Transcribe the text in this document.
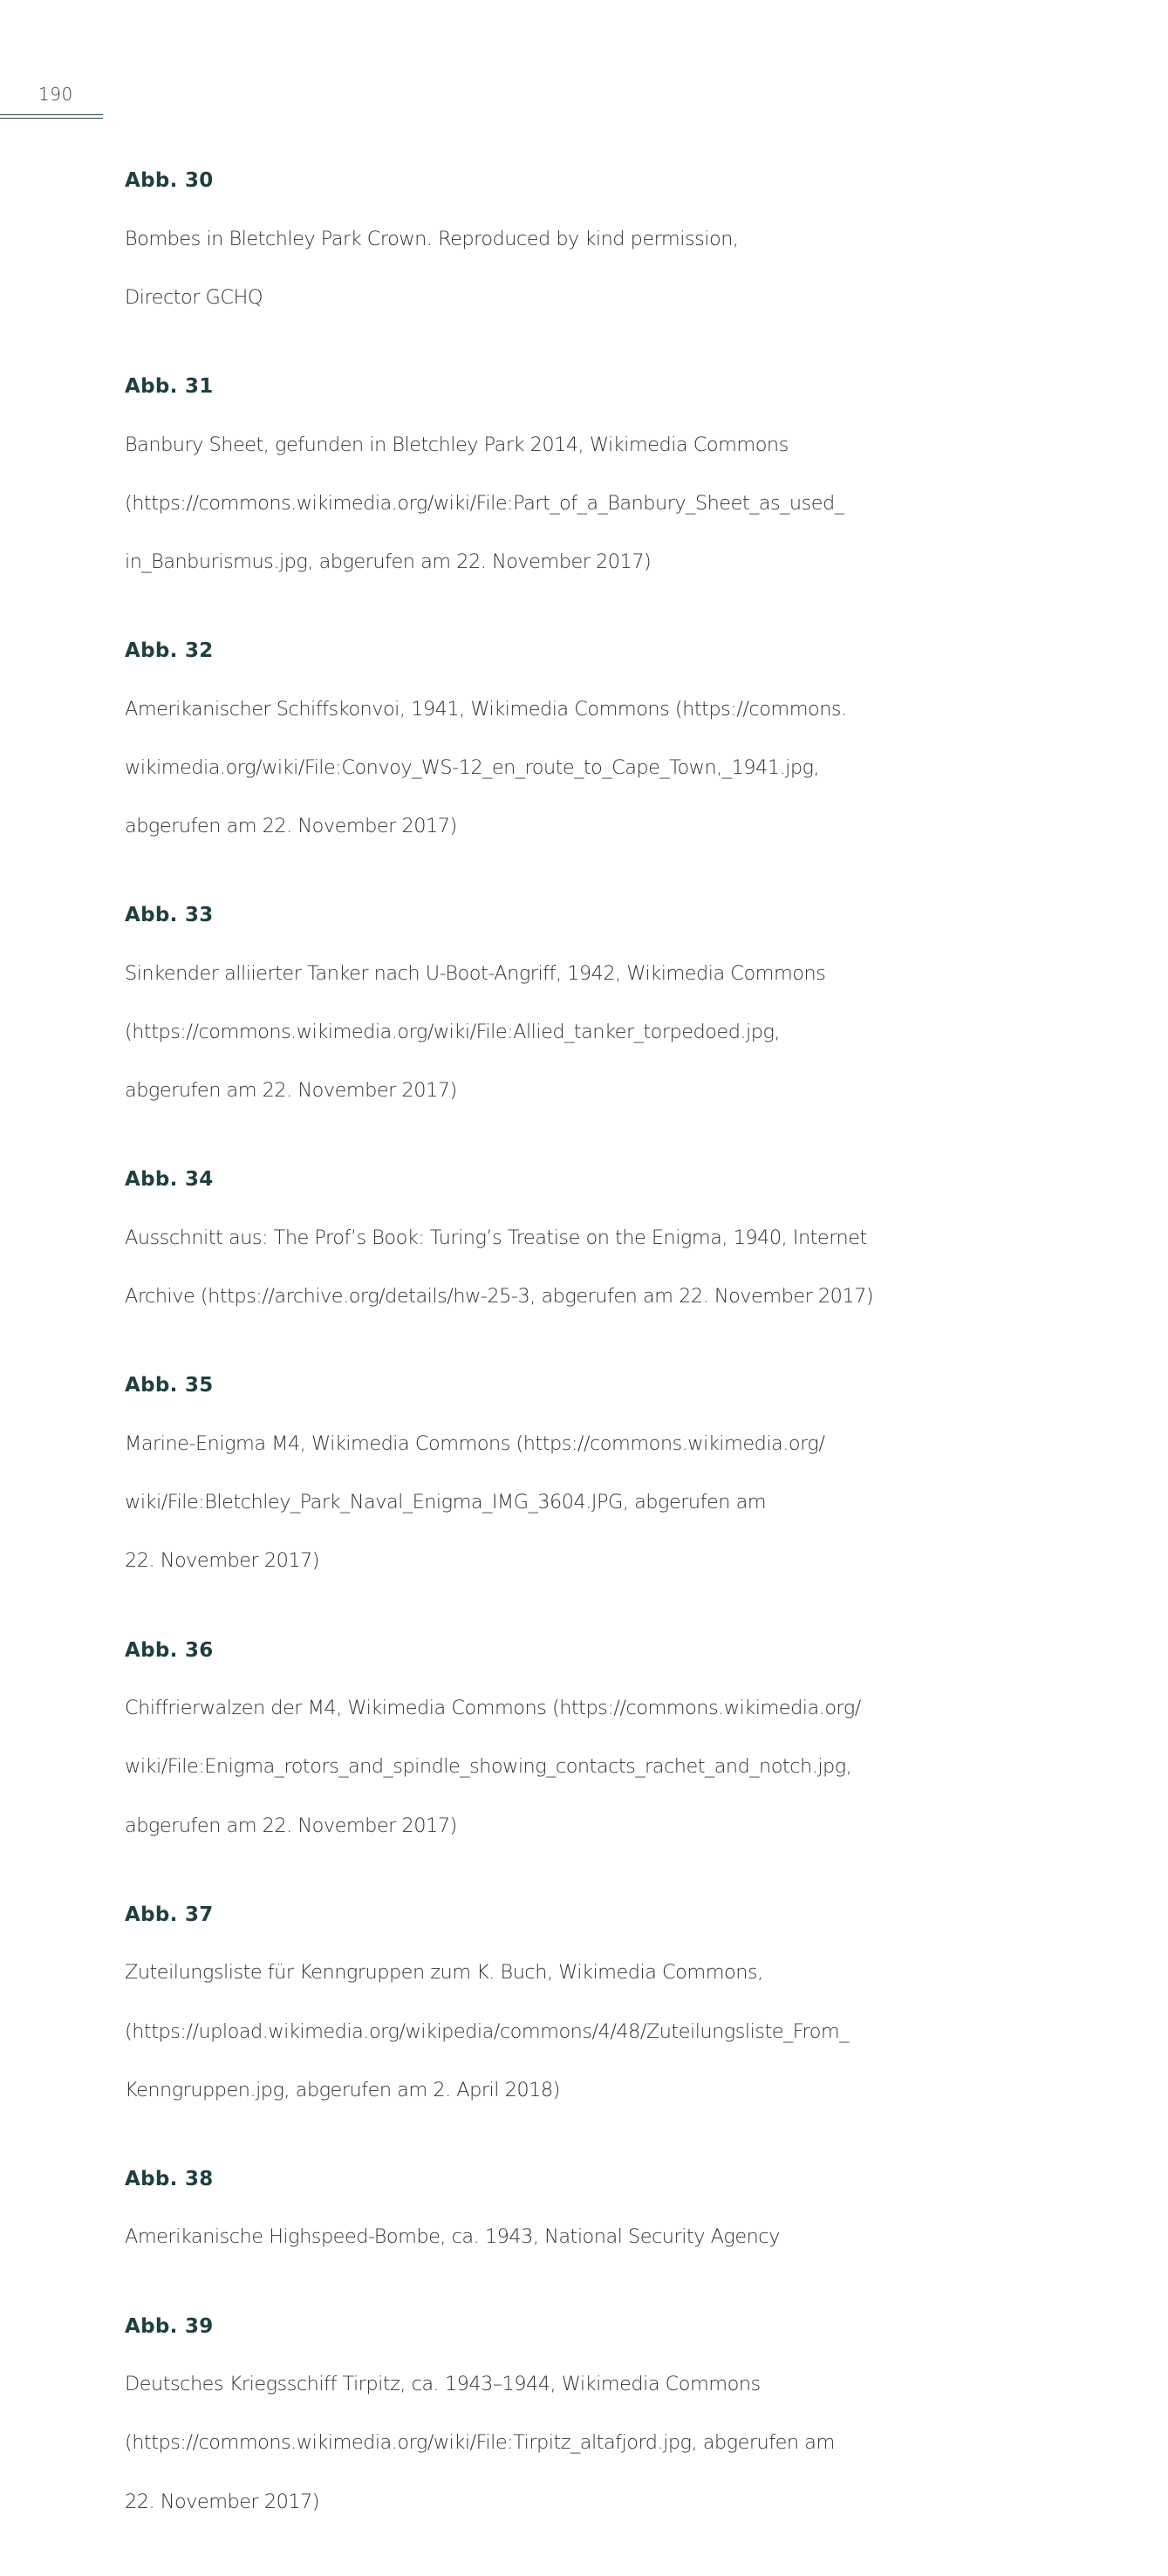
190
Abb. 30

Bombes in Bletchley Park Crown. Reproduced by kind permission,

Director GCHQ

Abb. 31

Banbury Sheet, gefunden in Bletchley Park 2014, Wikimedia Commons

(https://commons.wikimedia.org/wiki/File:Part_of_a_Banbury_Sheet_as_used_

in_Banburismus.jpg, abgerufen am 22. November 2017)

Abb. 32

Amerikanischer Schiffskonvoi, 1941, Wikimedia Commons (https://commons.

wikimedia.org/wiki/File:Convoy_WS-12_en_route_to_Cape_Town,_1941.jpg,

abgerufen am 22. November 2017)

Abb. 33

Sinkender alliierter Tanker nach U-Boot-Angriff, 1942, Wikimedia Commons

(https://commons.wikimedia.org/wiki/File:Allied_tanker_torpedoed.jpg,

abgerufen am 22. November 2017)

Abb. 34

Ausschnitt aus: The Prof’s Book: Turing’s Treatise on the Enigma, 1940, Internet

Archive (https://archive.org/details/hw-25-3, abgerufen am 22. November 2017)

Abb. 35

Marine-Enigma M4, Wikimedia Commons (https://commons.wikimedia.org/

wiki/File:Bletchley_Park_Naval_Enigma_IMG_3604.JPG, abgerufen am

22. November 2017)

Abb. 36

Chiffrierwalzen der M4, Wikimedia Commons (https://commons.wikimedia.org/

wiki/File:Enigma_rotors_and_spindle_showing_contacts_rachet_and_notch.jpg,

abgerufen am 22. November 2017)

Abb. 37

Zuteilungsliste für Kenngruppen zum K. Buch, Wikimedia Commons,

(https://upload.wikimedia.org/wikipedia/commons/4/48/Zuteilungsliste_From_

Kenngruppen.jpg, abgerufen am 2. April 2018)

Abb. 38

Amerikanische Highspeed-Bombe, ca. 1943, National Security Agency

Abb. 39

Deutsches Kriegsschiff Tirpitz, ca. 1943–1944, Wikimedia Commons

(https://commons.wikimedia.org/wiki/File:Tirpitz_altafjord.jpg, abgerufen am

22. November 2017)
